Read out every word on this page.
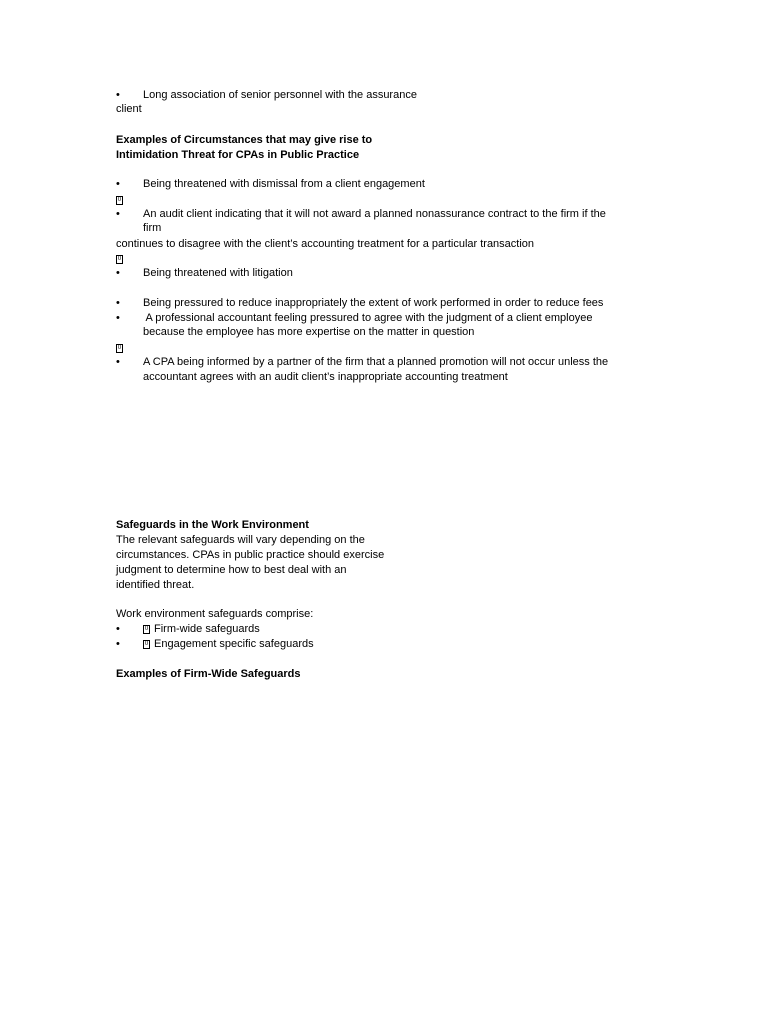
• Long association of senior personnel with the assurance
client
Examples of Circumstances that may give rise to
Intimidation Threat for CPAs in Public Practice
• Being threatened with dismissal from a client engagement
0
• An audit client indicating that it will not award a planned nonassurance contract to the firm if the
firm
continues to disagree with the client’s accounting treatment for a particular transaction
0
• Being threatened with litigation
• Being pressured to reduce inappropriately the extent of work performed in order to reduce fees
• A professional accountant feeling pressured to agree with the judgment of a client employee
because the employee has more expertise on the matter in question
0
• A CPA being informed by a partner of the firm that a planned promotion will not occur unless the
accountant agrees with an audit client’s inappropriate accounting treatment
Safeguards in the Work Environment
The relevant safeguards will vary depending on the
circumstances. CPAs in public practice should exercise
judgment to determine how to best deal with an
identified threat.
Work environment safeguards comprise:
•	0 Firm-wide safeguards
•	0 Engagement specific safeguards
Examples of Firm-Wide Safeguards
